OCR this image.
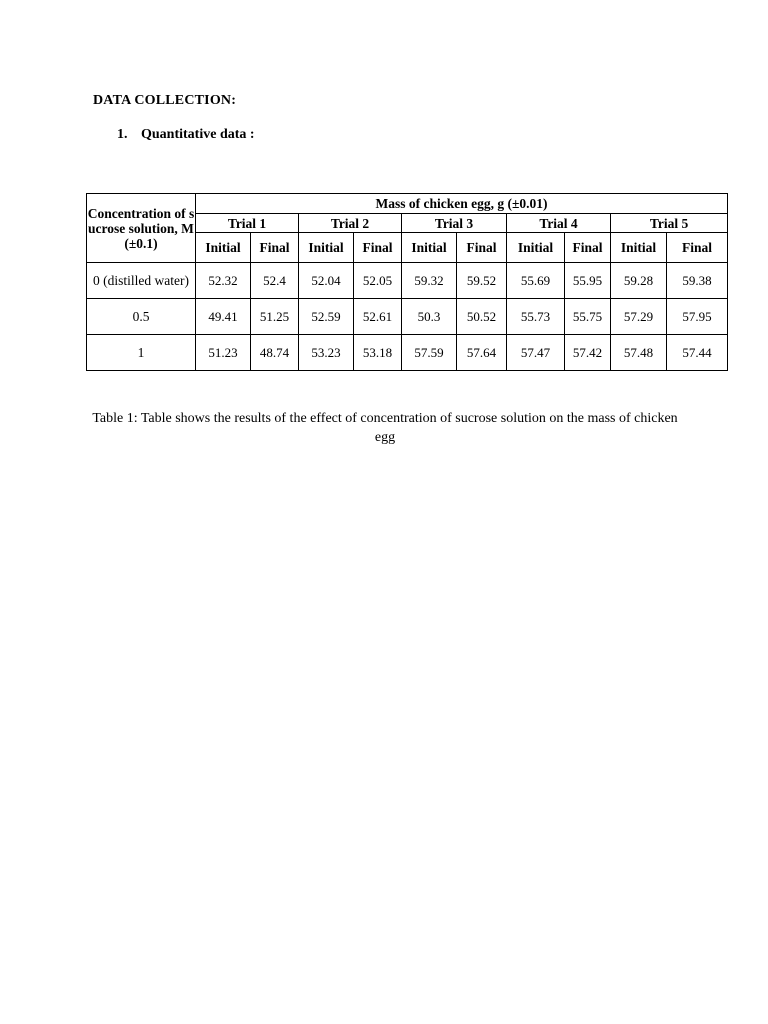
DATA COLLECTION:
1. Quantitative data :
Concentration of sucrose solution, M (±0.1)	Mass of chicken egg, g (±0.01)									
	Trial 1		Trial 2		Trial 3		Trial 4		Trial 5	
	Initial	Final	Initial	Final	Initial	Final	Initial	Final	Initial	Final
0 (distilled water)	52.32	52.4	52.04	52.05	59.32	59.52	55.69	55.95	59.28	59.38
0.5	49.41	51.25	52.59	52.61	50.3	50.52	55.73	55.75	57.29	57.95
1	51.23	48.74	53.23	53.18	57.59	57.64	57.47	57.42	57.48	57.44
Table 1: Table shows the results of the effect of concentration of sucrose solution on the mass of chicken egg
